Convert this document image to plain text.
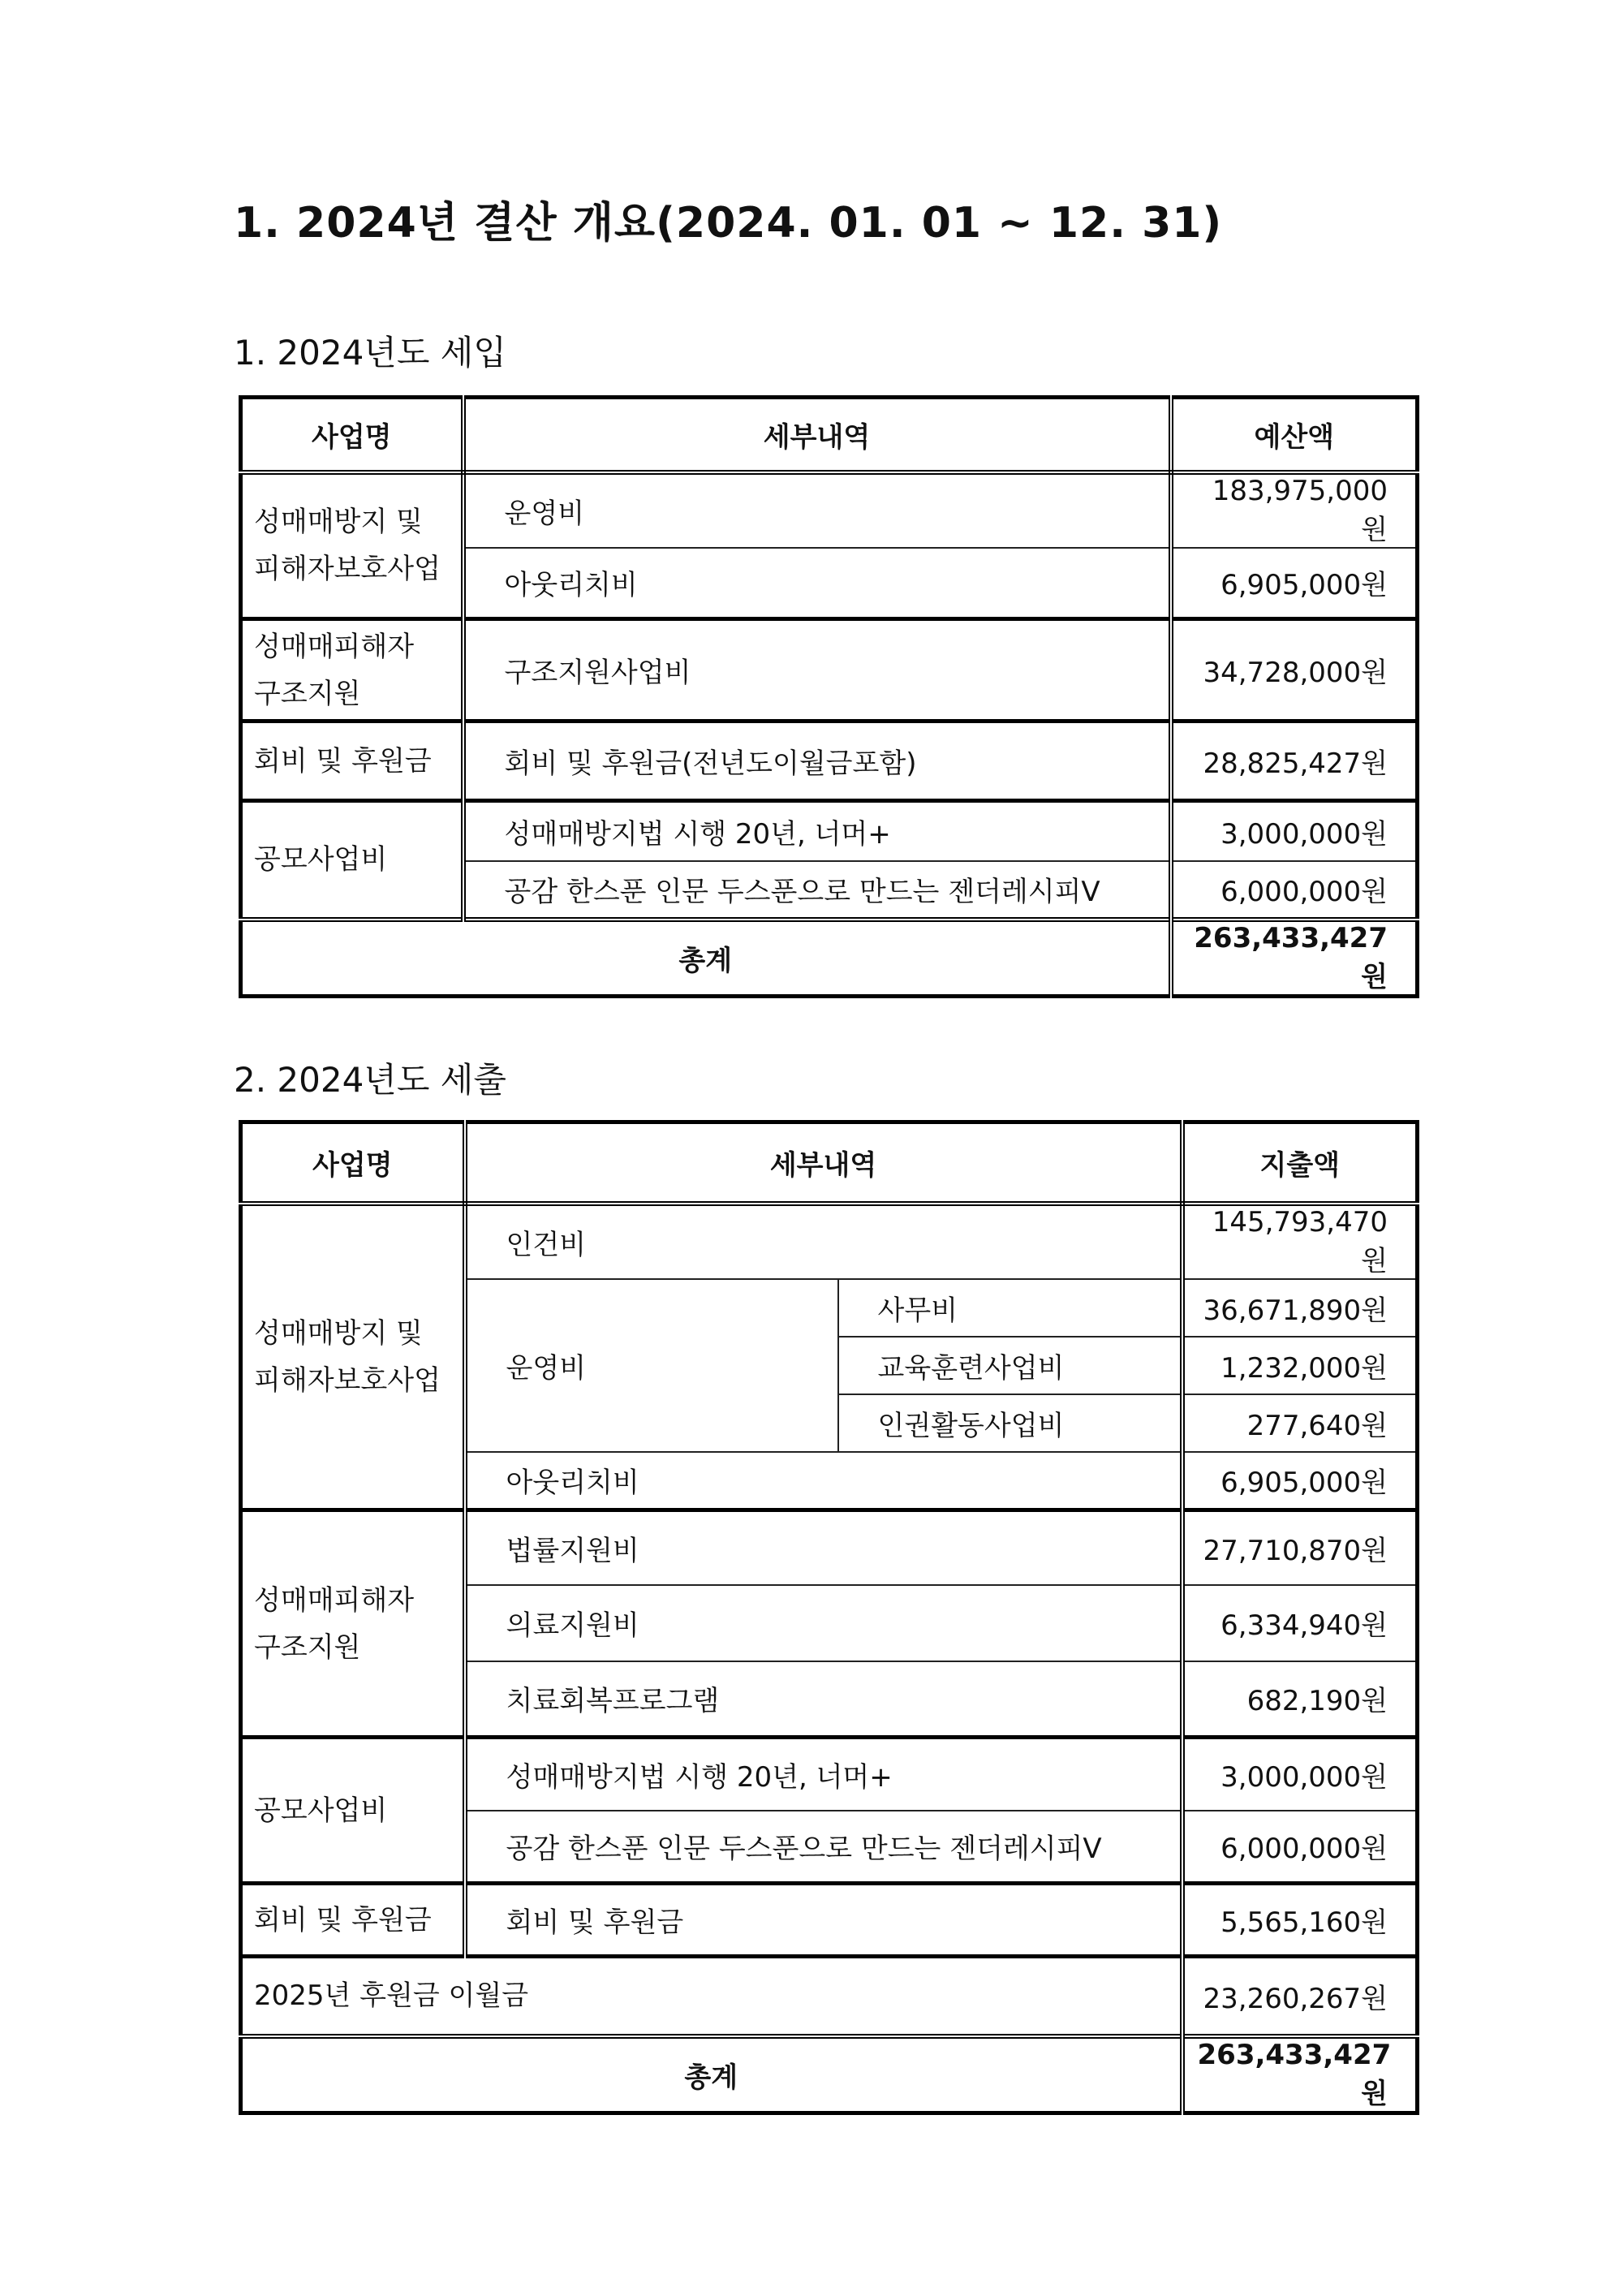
1. 2024년 결산 개요(2024. 01. 01 ~ 12. 31)
1. 2024년도 세입
사업명	세부내역	예산액
성매매방지 및 피해자보호사업	운영비	183,975,000원
	아웃리치비	6,905,000원
성매매피해자 구조지원	구조지원사업비	34,728,000원
회비 및 후원금	회비 및 후원금(전년도이월금포함)	28,825,427원
공모사업비	성매매방지법 시행 20년, 너머+	3,000,000원
	공감 한스푼 인문 두스푼으로 만드는 젠더레시피Ⅴ	6,000,000원
총계		263,433,427원
2. 2024년도 세출
사업명	세부내역		지출액
성매매방지 및 피해자보호사업	인건비		145,793,470원
	운영비	사무비	36,671,890원
		교육훈련사업비	1,232,000원
		인권활동사업비	277,640원
	아웃리치비		6,905,000원
성매매피해자 구조지원	법률지원비		27,710,870원
	의료지원비		6,334,940원
	치료회복프로그램		682,190원
공모사업비	성매매방지법 시행 20년, 너머+		3,000,000원
	공감 한스푼 인문 두스푼으로 만드는 젠더레시피Ⅴ		6,000,000원
회비 및 후원금	회비 및 후원금		5,565,160원
2025년 후원금 이월금			23,260,267원
총계			263,433,427원
